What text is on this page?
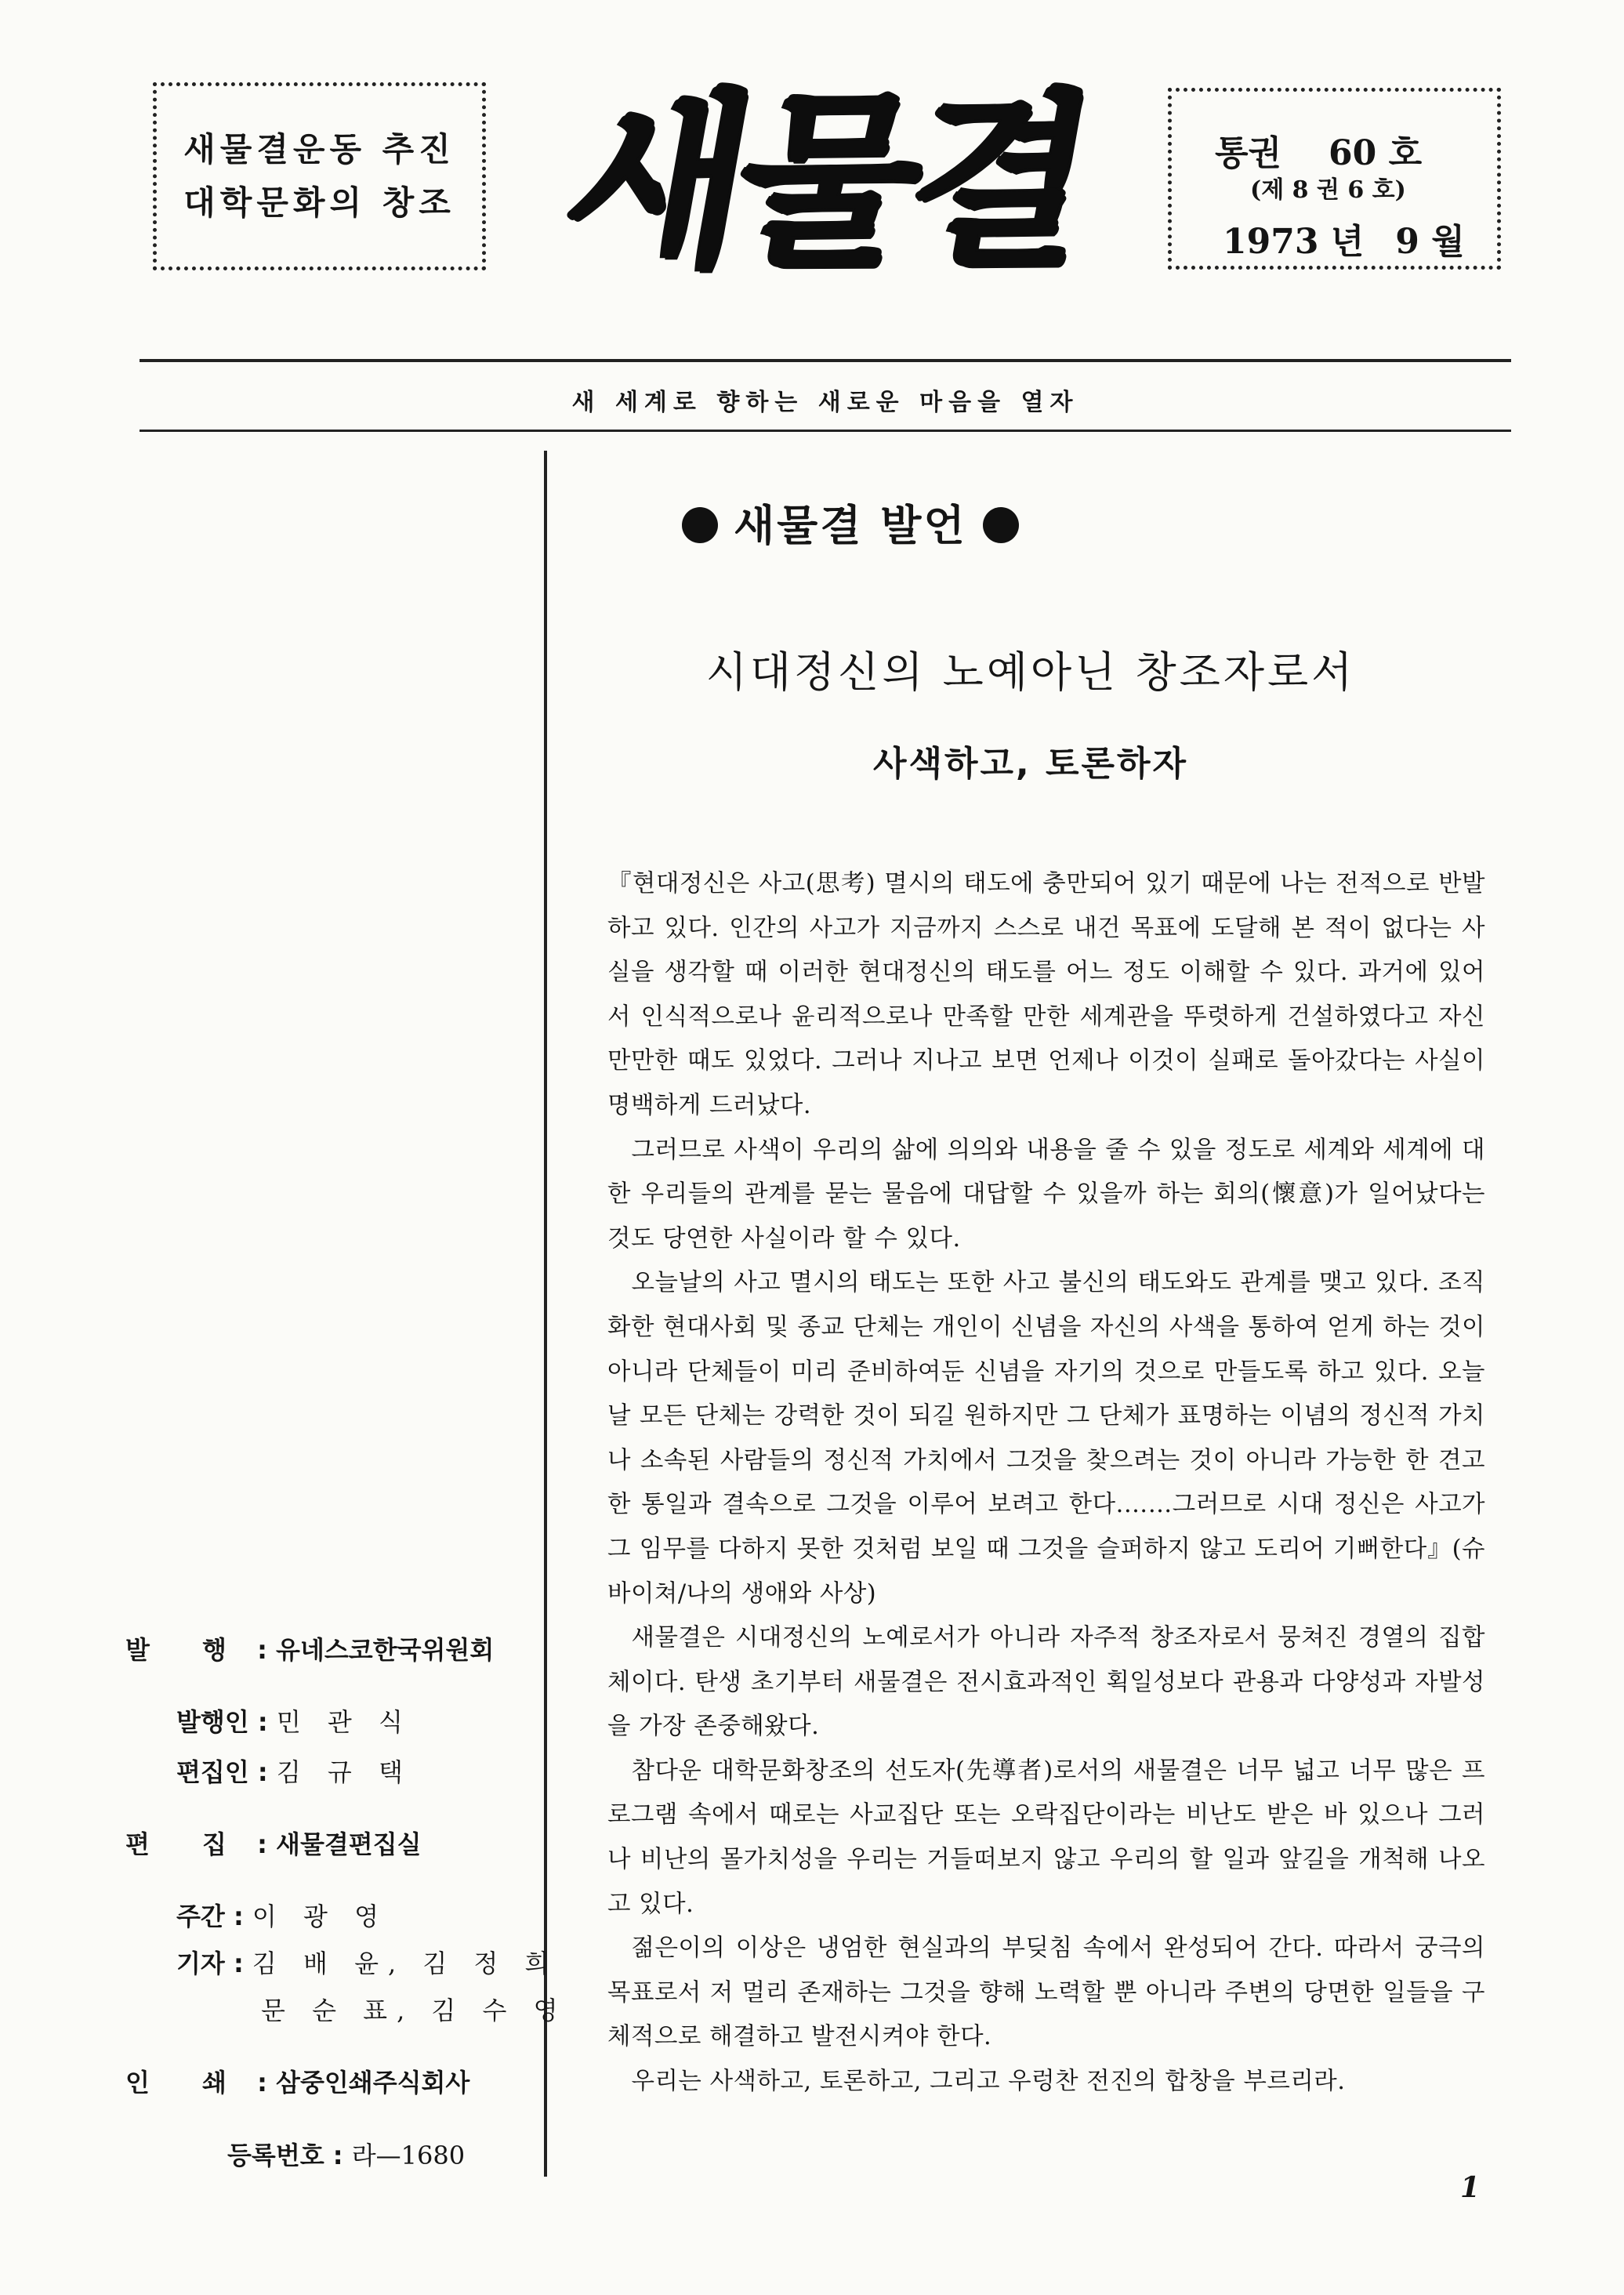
새물결운동 추진
대학문화의 창조 새물결	통권 60 호
(제 8 권 6 호)
1973 년 9 월
새 세계로 향하는 새로운 마음을 열자
새물결 발언
시대정신의 노예아닌 창조자로서
사색하고, 토론하자

『현대정신은 사고(思考) 멸시의 태도에 충만되어 있기 때문에 나는 전적으로 반발하고 있다. 인간의 사고가 지금까지 스스로 내건 목표에 도달해 본 적이 없다는 사실을 생각할 때 이러한 현대정신의 태도를 어느 정도 이해할 수 있다. 과거에 있어서 인식적으로나 윤리적으로나 만족할 만한 세계관을 뚜렷하게 건설하였다고 자신만만한 때도 있었다. 그러나 지나고 보면 언제나 이것이 실패로 돌아갔다는 사실이 명백하게 드러났다.

그러므로 사색이 우리의 삶에 의의와 내용을 줄 수 있을 정도로 세계와 세계에 대한 우리들의 관계를 묻는 물음에 대답할 수 있을까 하는 회의(懷意)가 일어났다는 것도 당연한 사실이라 할 수 있다.

오늘날의 사고 멸시의 태도는 또한 사고 불신의 태도와도 관계를 맺고 있다. 조직화한 현대사회 및 종교 단체는 개인이 신념을 자신의 사색을 통하여 얻게 하는 것이 아니라 단체들이 미리 준비하여둔 신념을 자기의 것으로 만들도록 하고 있다. 오늘날 모든 단체는 강력한 것이 되길 원하지만 그 단체가 표명하는 이념의 정신적 가치나 소속된 사람들의 정신적 가치에서 그것을 찾으려는 것이 아니라 가능한 한 견고한 통일과 결속으로 그것을 이루어 보려고 한다.……그러므로 시대 정신은 사고가 그 임무를 다하지 못한 것처럼 보일 때 그것을 슬퍼하지 않고 도리어 기뻐한다』(슈바이쳐/나의 생애와 사상)

새물결은 시대정신의 노예로서가 아니라 자주적 창조자로서 뭉쳐진 경열의 집합체이다. 탄생 초기부터 새물결은 전시효과적인 획일성보다 관용과 다양성과 자발성을 가장 존중해왔다.

참다운 대학문화창조의 선도자(先導者)로서의 새물결은 너무 넓고 너무 많은 프로그램 속에서 때로는 사교집단 또는 오락집단이라는 비난도 받은 바 있으나 그러나 비난의 몰가치성을 우리는 거들떠보지 않고 우리의 할 일과 앞길을 개척해 나오고 있다.

젊은이의 이상은 냉엄한 현실과의 부딪침 속에서 완성되어 간다. 따라서 궁극의 목표로서 저 멀리 존재하는 그것을 향해 노력할 뿐 아니라 주변의 당면한 일들을 구체적으로 해결하고 발전시켜야 한다.

우리는 사색하고, 토론하고, 그리고 우렁찬 전진의 합창을 부르리라.

발 행 : 유네스코한국위원회
발행인 : 민 관 식
편집인 : 김 규 택
편 집 : 새물결편집실
주간 : 이 광 영
기자 : 김 배 윤, 김 정 희
문 순 표, 김 수 영
인 쇄 : 삼중인쇄주식회사
등록번호 : 라—1680
1
